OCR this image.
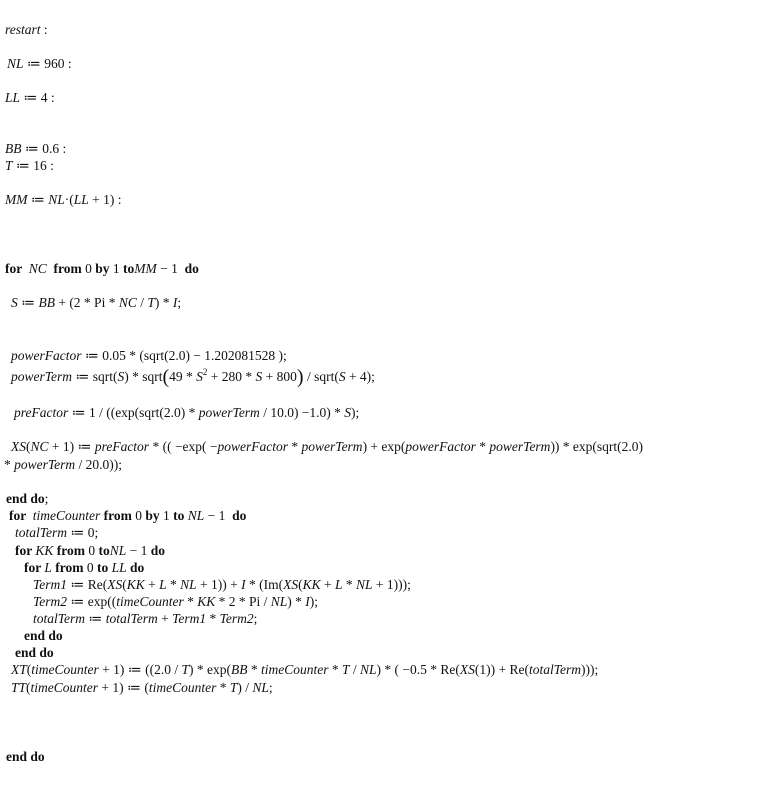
restart :
NL ≔ 960 :
LL ≔ 4 :
BB ≔ 0.6 :
T ≔ 16 :
MM ≔ NL·(LL + 1) :
for  NC  from 0 by 1 toMM − 1  do
S ≔ BB + (2 * Pi * NC / T) * I;
powerFactor ≔ 0.05 * (sqrt(2.0) − 1.202081528 );
powerTerm ≔ sqrt(S) * sqrt(49 * $S^2 + 280 * S + 800$) / sqrt(S + 4);
preFactor ≔ 1 / ((exp(sqrt(2.0) * powerTerm / 10.0) −1.0) * S);
XS(NC + 1) ≔ preFactor * (( −exp( −powerFactor * powerTerm) + exp(powerFactor * powerTerm)) * exp(sqrt(2.0)
* powerTerm / 20.0));
end do;
for  timeCounter from 0 by 1 to NL − 1  do
totalTerm ≔ 0;
for KK from 0 toNL − 1 do
for L from 0 to LL do
Term1 ≔ Re(XS(KK + L * NL + 1)) + I * (Im(XS(KK + L * NL + 1)));
Term2 ≔ exp((timeCounter * KK * 2 * Pi / NL) * I);
totalTerm ≔ totalTerm + Term1 * Term2;
end do
end do
XT(timeCounter + 1) ≔ ((2.0 / T) * exp(BB * timeCounter * T / NL) * ( −0.5 * Re(XS(1)) + Re(totalTerm)));
TT(timeCounter + 1) ≔ (timeCounter * T) / NL;
end do
